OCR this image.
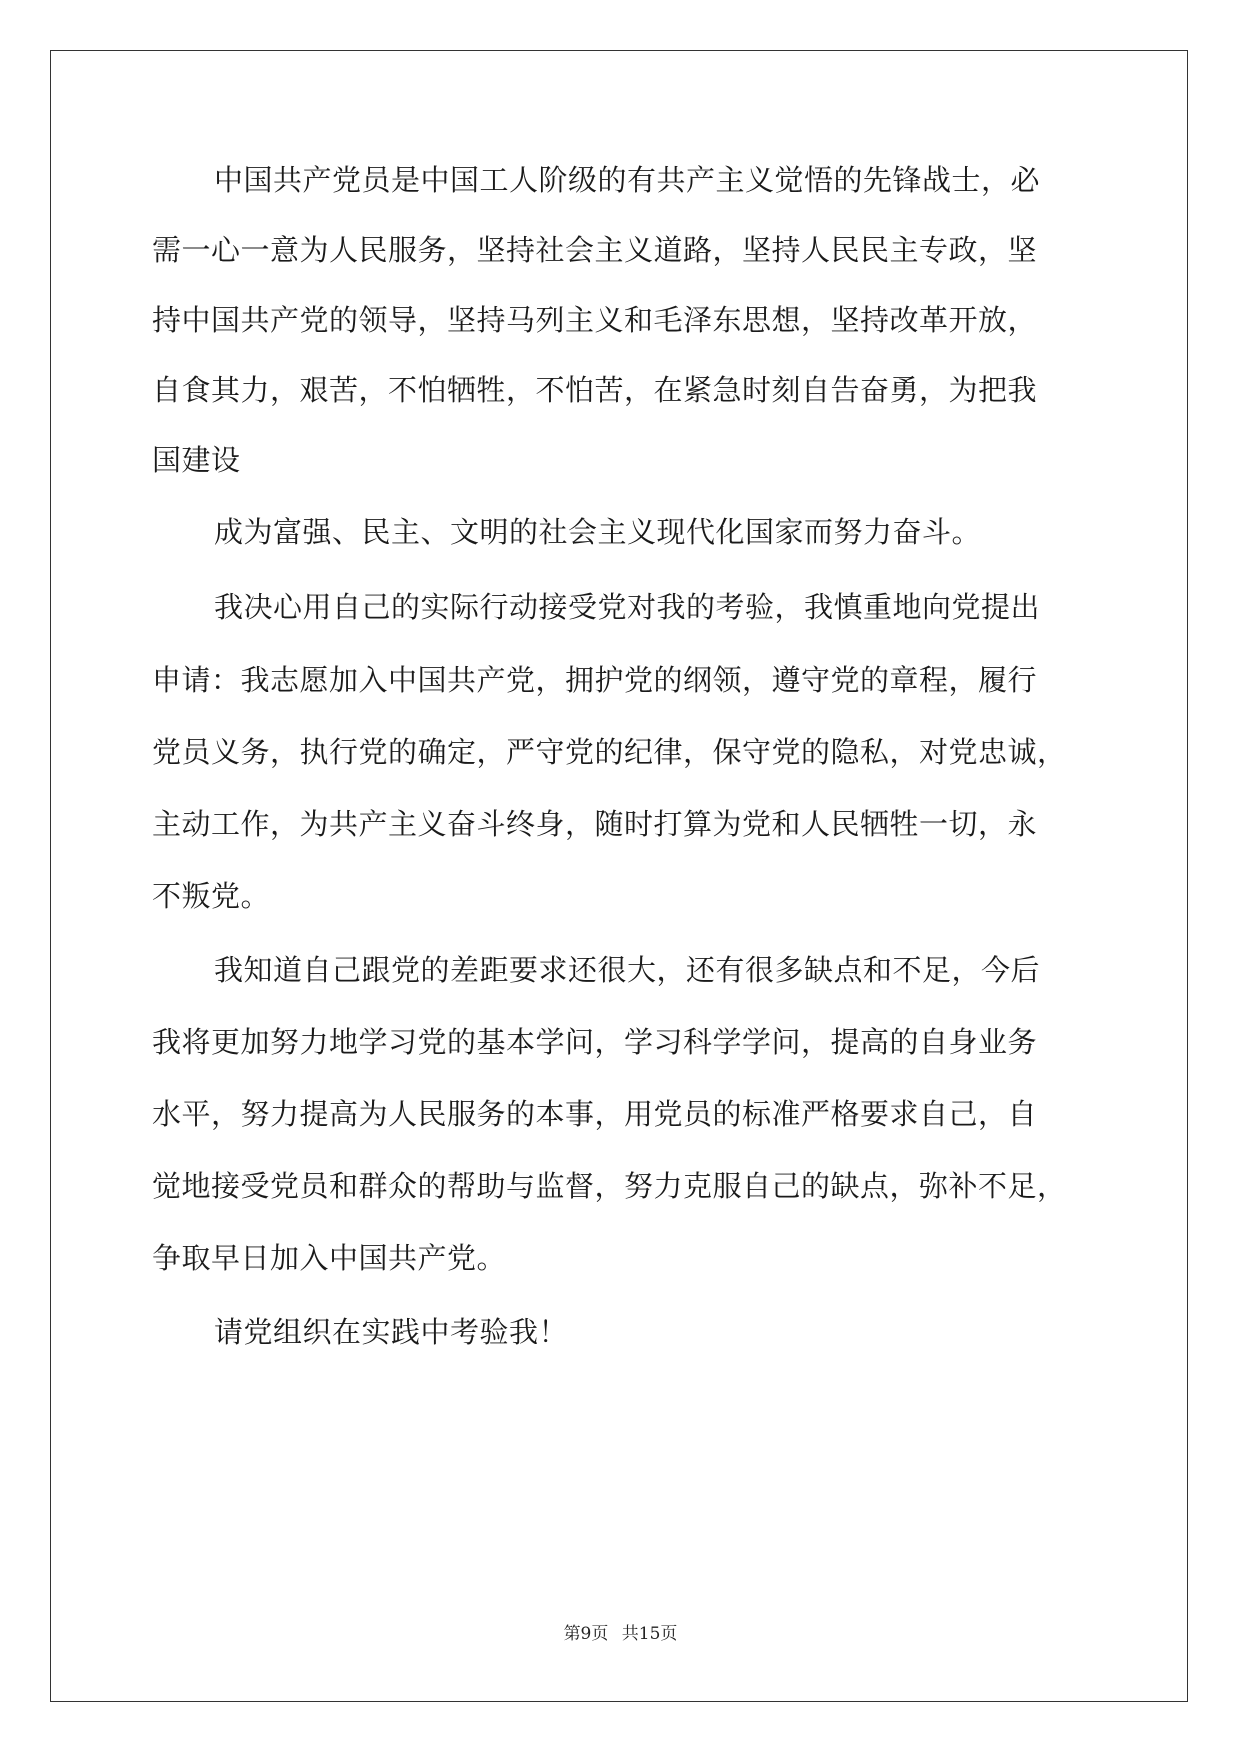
中国共产党员是中国工人阶级的有共产主义觉悟的先锋战士，必
需一心一意为人民服务，坚持社会主义道路，坚持人民民主专政，坚
持中国共产党的领导，坚持马列主义和毛泽东思想，坚持改革开放，
自食其力，艰苦，不怕牺牲，不怕苦，在紧急时刻自告奋勇，为把我
国建设
成为富强、民主、文明的社会主义现代化国家而努力奋斗。
我决心用自己的实际行动接受党对我的考验，我慎重地向党提出
申请：我志愿加入中国共产党，拥护党的纲领，遵守党的章程，履行
党员义务，执行党的确定，严守党的纪律，保守党的隐私，对党忠诚，
主动工作，为共产主义奋斗终身，随时打算为党和人民牺牲一切，永
不叛党。
我知道自己跟党的差距要求还很大，还有很多缺点和不足，今后
我将更加努力地学习党的基本学问，学习科学学问，提高的自身业务
水平，努力提高为人民服务的本事，用党员的标准严格要求自己，自
觉地接受党员和群众的帮助与监督，努力克服自己的缺点，弥补不足，
争取早日加入中国共产党。
请党组织在实践中考验我！
第9页 共15页
